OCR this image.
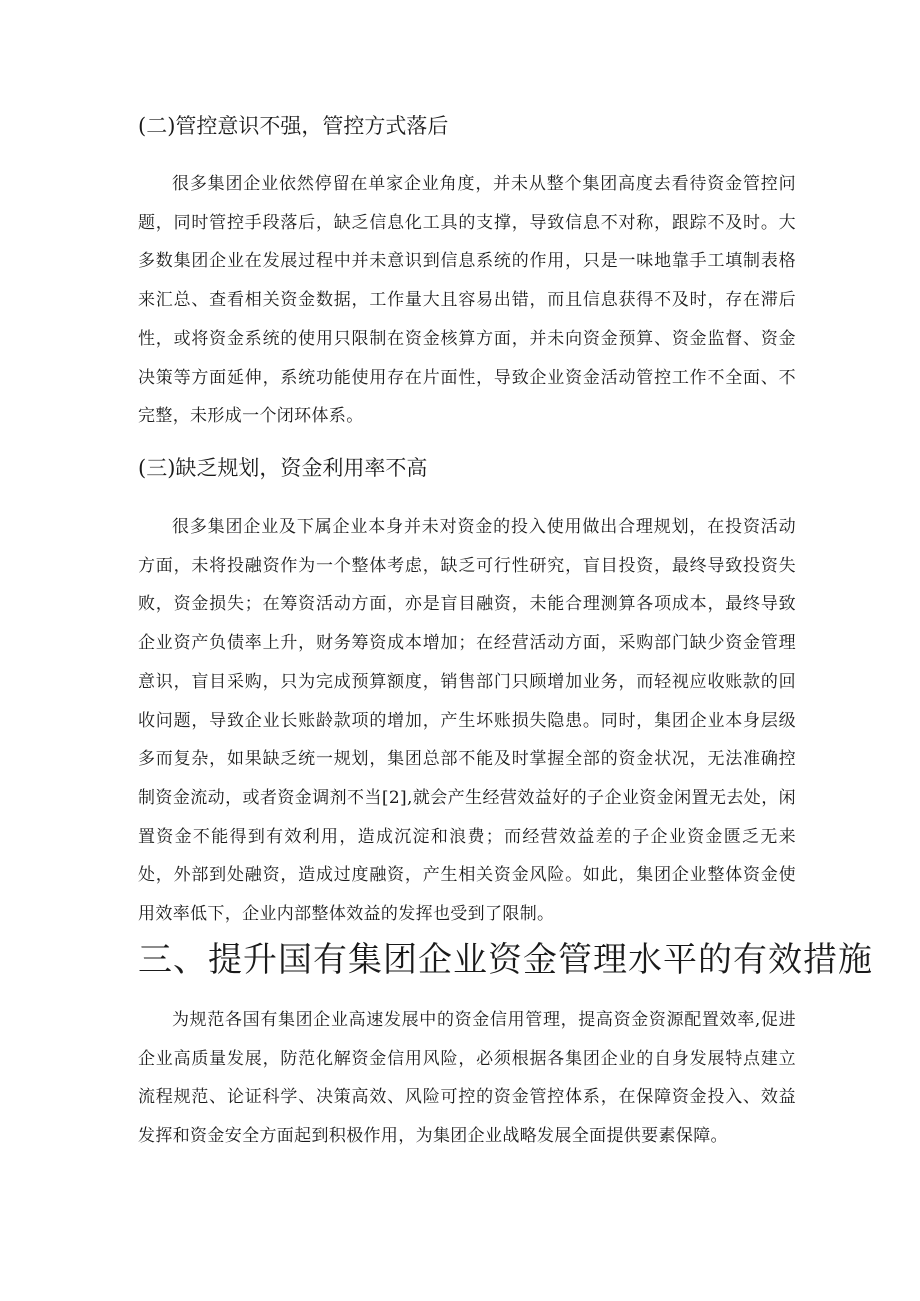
(二)管控意识不强，管控方式落后

很多集团企业依然停留在单家企业角度，并未从整个集团高度去看待资金管控问题，同时管控手段落后，缺乏信息化工具的支撑，导致信息不对称，跟踪不及时。大多数集团企业在发展过程中并未意识到信息系统的作用，只是一味地靠手工填制表格来汇总、查看相关资金数据，工作量大且容易出错，而且信息获得不及时，存在滞后性，或将资金系统的使用只限制在资金核算方面，并未向资金预算、资金监督、资金决策等方面延伸，系统功能使用存在片面性，导致企业资金活动管控工作不全面、不完整，未形成一个闭环体系。

(三)缺乏规划，资金利用率不高

很多集团企业及下属企业本身并未对资金的投入使用做出合理规划，在投资活动方面，未将投融资作为一个整体考虑，缺乏可行性研究，盲目投资，最终导致投资失败，资金损失；在筹资活动方面，亦是盲目融资，未能合理测算各项成本，最终导致企业资产负债率上升，财务筹资成本增加；在经营活动方面，采购部门缺少资金管理意识，盲目采购，只为完成预算额度，销售部门只顾增加业务，而轻视应收账款的回收问题，导致企业长账龄款项的增加，产生坏账损失隐患。同时，集团企业本身层级多而复杂，如果缺乏统一规划，集团总部不能及时掌握全部的资金状况，无法准确控制资金流动，或者资金调剂不当[2],就会产生经营效益好的子企业资金闲置无去处，闲置资金不能得到有效利用，造成沉淀和浪费；而经营效益差的子企业资金匮乏无来处，外部到处融资，造成过度融资，产生相关资金风险。如此，集团企业整体资金使用效率低下，企业内部整体效益的发挥也受到了限制。

三、提升国有集团企业资金管理水平的有效措施

为规范各国有集团企业高速发展中的资金信用管理，提高资金资源配置效率,促进企业高质量发展，防范化解资金信用风险，必须根据各集团企业的自身发展特点建立流程规范、论证科学、决策高效、风险可控的资金管控体系，在保障资金投入、效益发挥和资金安全方面起到积极作用，为集团企业战略发展全面提供要素保障。
